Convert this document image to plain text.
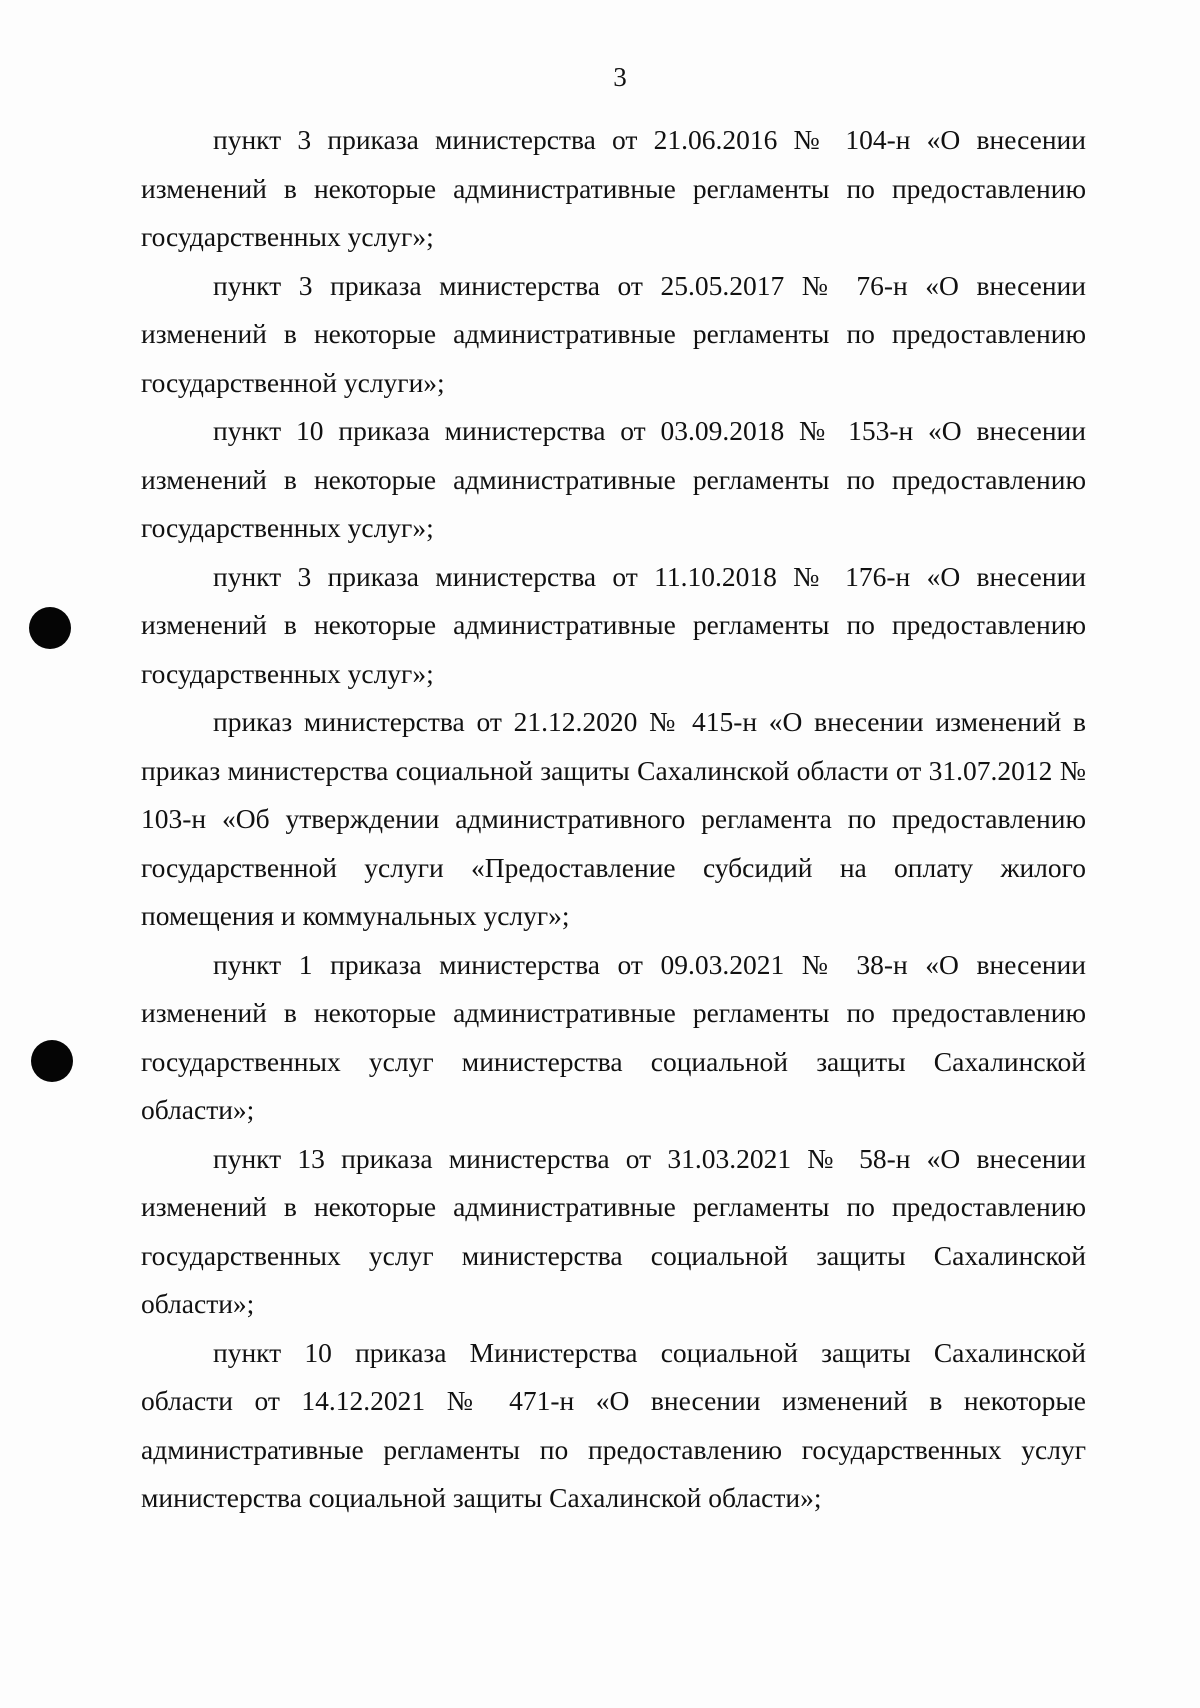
3

пункт 3 приказа министерства от 21.06.2016 № 104-н «О внесении изменений в некоторые административные регламенты по предоставлению государственных услуг»;

пункт 3 приказа министерства от 25.05.2017 № 76-н «О внесении изменений в некоторые административные регламенты по предоставлению государственной услуги»;

пункт 10 приказа министерства от 03.09.2018 № 153-н «О внесении изменений в некоторые административные регламенты по предоставлению государственных услуг»;

пункт 3 приказа министерства от 11.10.2018 № 176-н «О внесении изменений в некоторые административные регламенты по предоставлению государственных услуг»;

приказ министерства от 21.12.2020 № 415-н «О внесении изменений в приказ министерства социальной защиты Сахалинской области от 31.07.2012 № 103-н «Об утверждении административного регламента по предоставлению государственной услуги «Предоставление субсидий на оплату жилого помещения и коммунальных услуг»;

пункт 1 приказа министерства от 09.03.2021 № 38-н «О внесении изменений в некоторые административные регламенты по предоставлению государственных услуг министерства социальной защиты Сахалинской области»;

пункт 13 приказа министерства от 31.03.2021 № 58-н «О внесении изменений в некоторые административные регламенты по предоставлению государственных услуг министерства социальной защиты Сахалинской области»;

пункт 10 приказа Министерства социальной защиты Сахалинской области от 14.12.2021 № 471-н «О внесении изменений в некоторые административные регламенты по предоставлению государственных услуг министерства социальной защиты Сахалинской области»;
